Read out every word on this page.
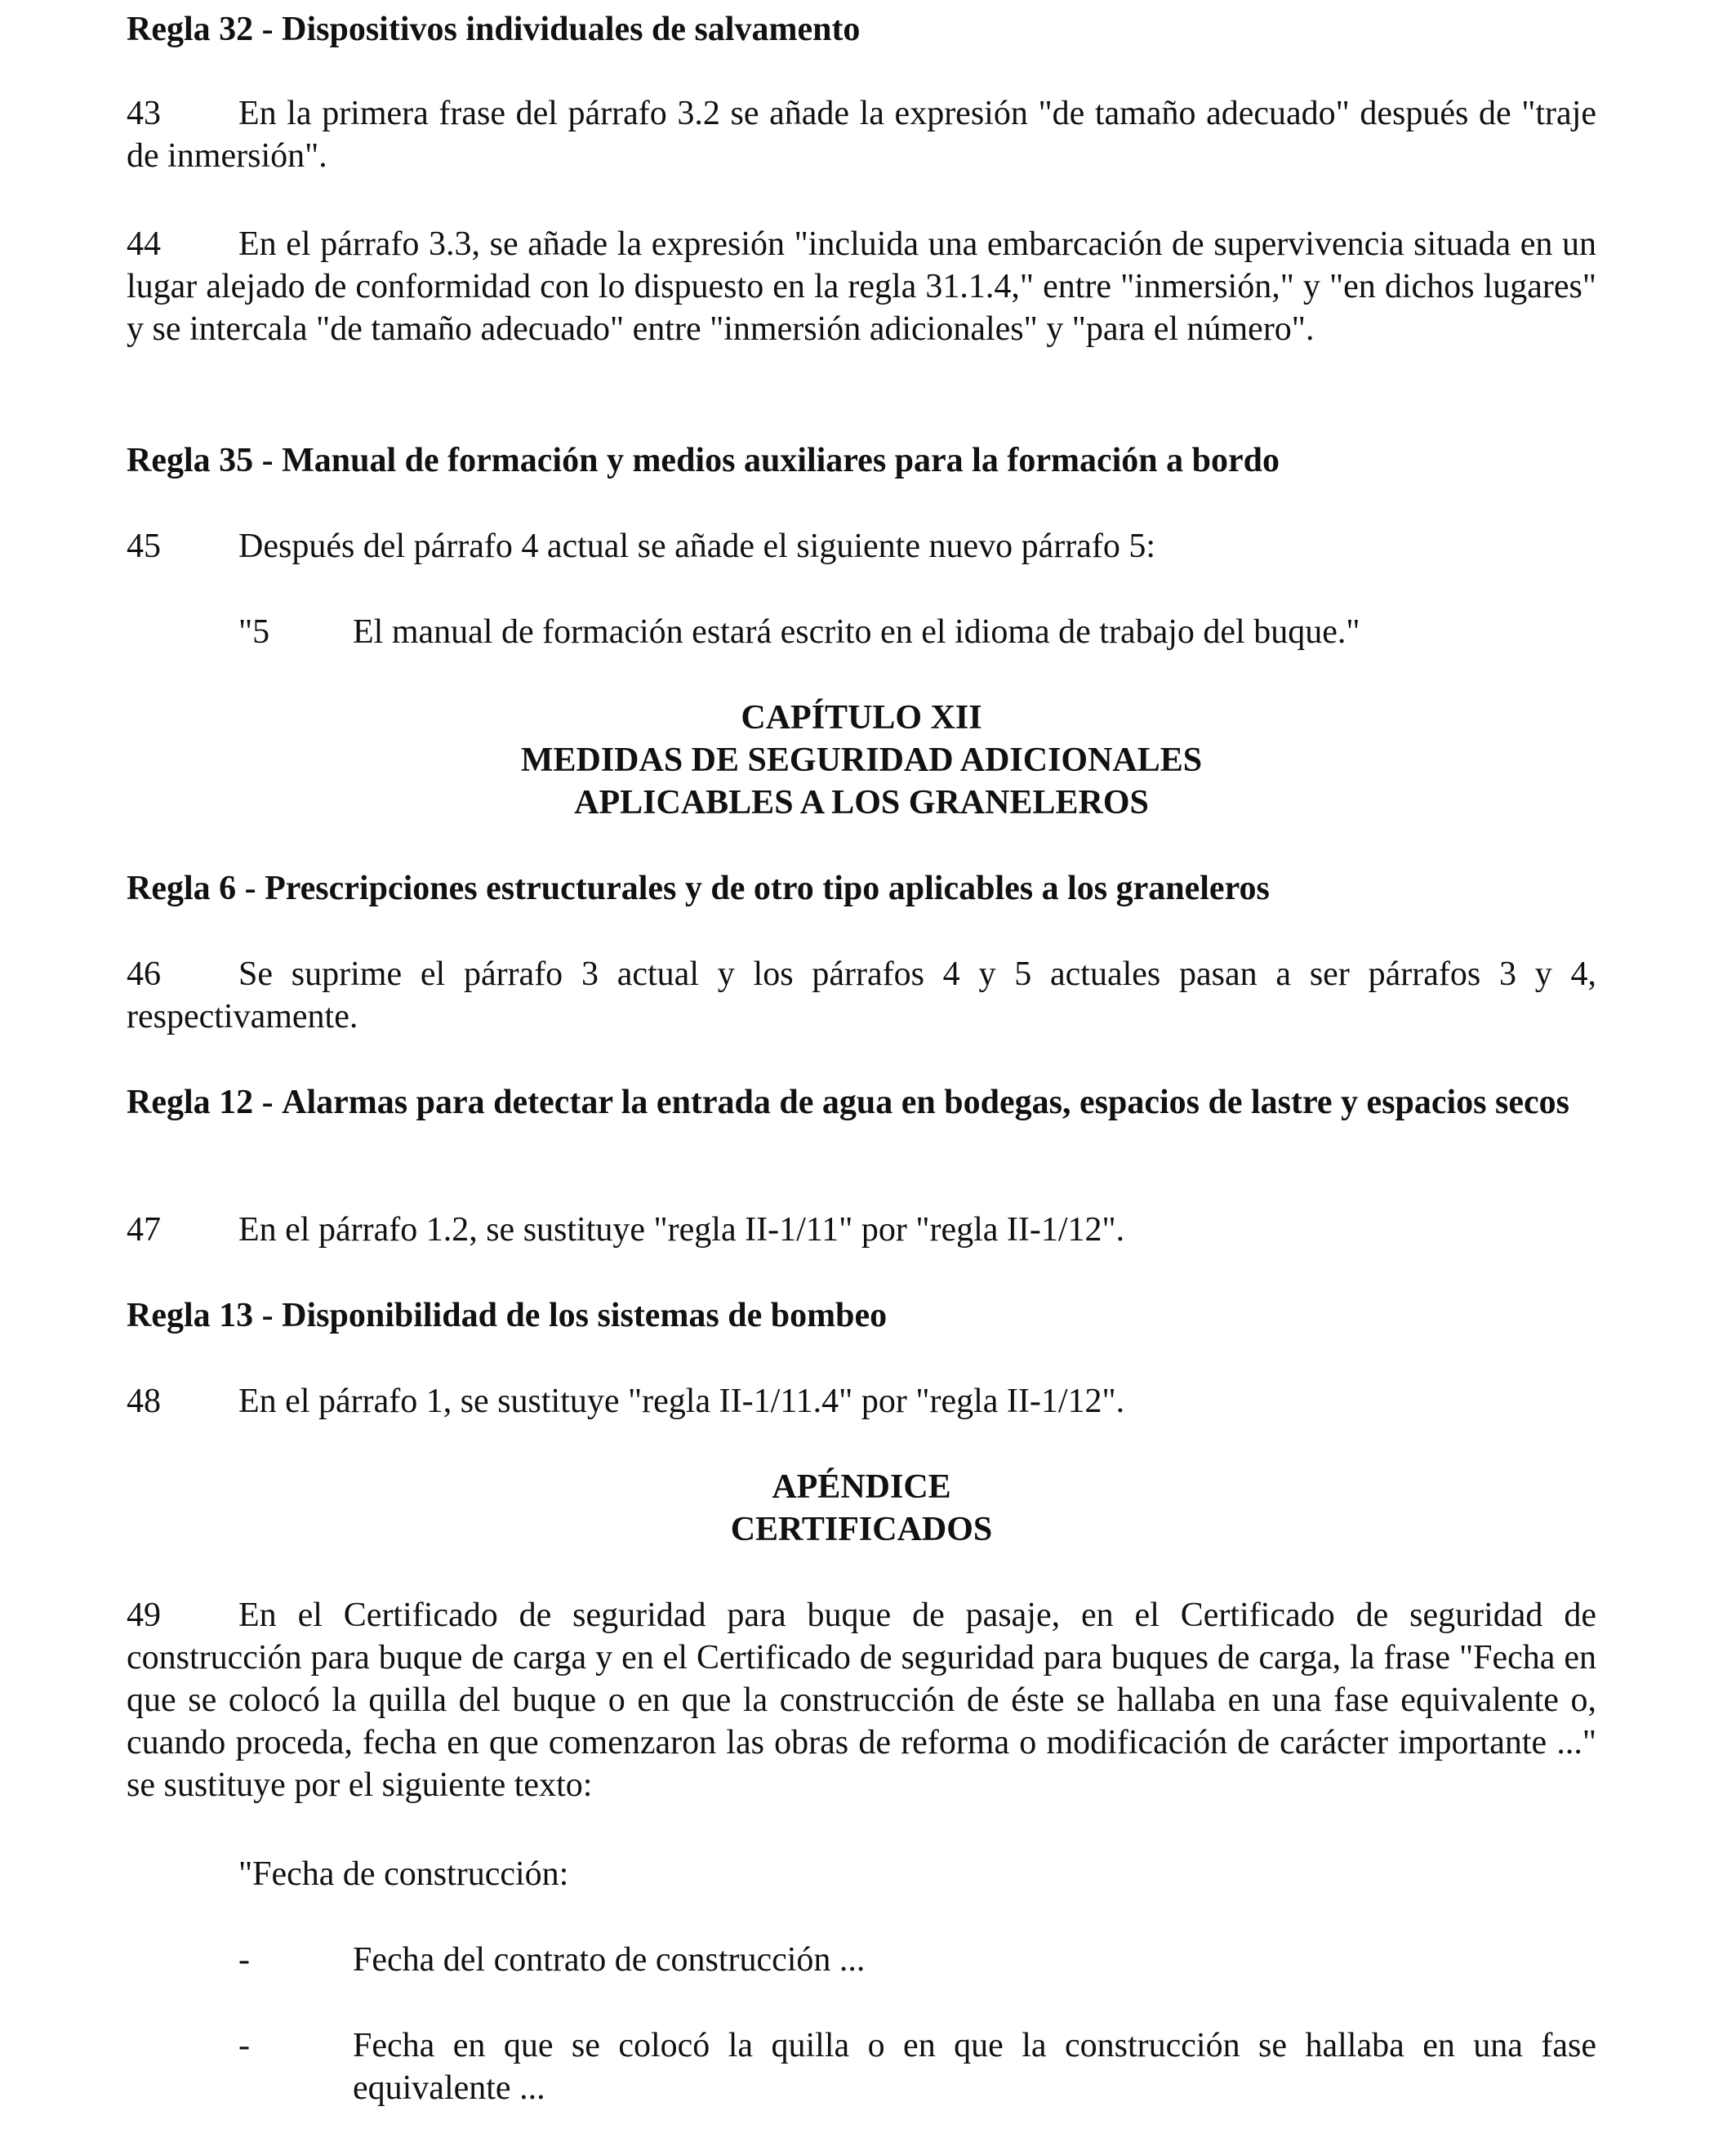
Regla 32 - Dispositivos individuales de salvamento

43 En la primera frase del párrafo 3.2 se añade la expresión "de tamaño adecuado" después de "traje de inmersión".

44 En el párrafo 3.3, se añade la expresión "incluida una embarcación de supervivencia situada en un lugar alejado de conformidad con lo dispuesto en la regla 31.1.4," entre "inmersión," y "en dichos lugares" y se intercala "de tamaño adecuado" entre "inmersión adicionales" y "para el número".

Regla 35 - Manual de formación y medios auxiliares para la formación a bordo

45 Después del párrafo 4 actual se añade el siguiente nuevo párrafo 5:

"5	El manual de formación estará escrito en el idioma de trabajo del buque."

CAPÍTULO XII

MEDIDAS DE SEGURIDAD ADICIONALES

APLICABLES A LOS GRANELEROS

Regla 6 - Prescripciones estructurales y de otro tipo aplicables a los graneleros

46 Se suprime el párrafo 3 actual y los párrafos 4 y 5 actuales pasan a ser párrafos 3 y 4, respectivamente.

Regla 12 - Alarmas para detectar la entrada de agua en bodegas, espacios de lastre y espacios secos

47 En el párrafo 1.2, se sustituye "regla II-1/11" por "regla II-1/12".

Regla 13 - Disponibilidad de los sistemas de bombeo

48 En el párrafo 1, se sustituye "regla II-1/11.4" por "regla II-1/12".

APÉNDICE

CERTIFICADOS

49 En el Certificado de seguridad para buque de pasaje, en el Certificado de seguridad de construcción para buque de carga y en el Certificado de seguridad para buques de carga, la frase "Fecha en que se colocó la quilla del buque o en que la construcción de éste se hallaba en una fase equivalente o, cuando proceda, fecha en que comenzaron las obras de reforma o modificación de carácter importante ..." se sustituye por el siguiente texto:

"Fecha de construcción:

-	Fecha del contrato de construcción ...
-	Fecha en que se colocó la quilla o en que la construcción se hallaba en una fase equivalente ...
